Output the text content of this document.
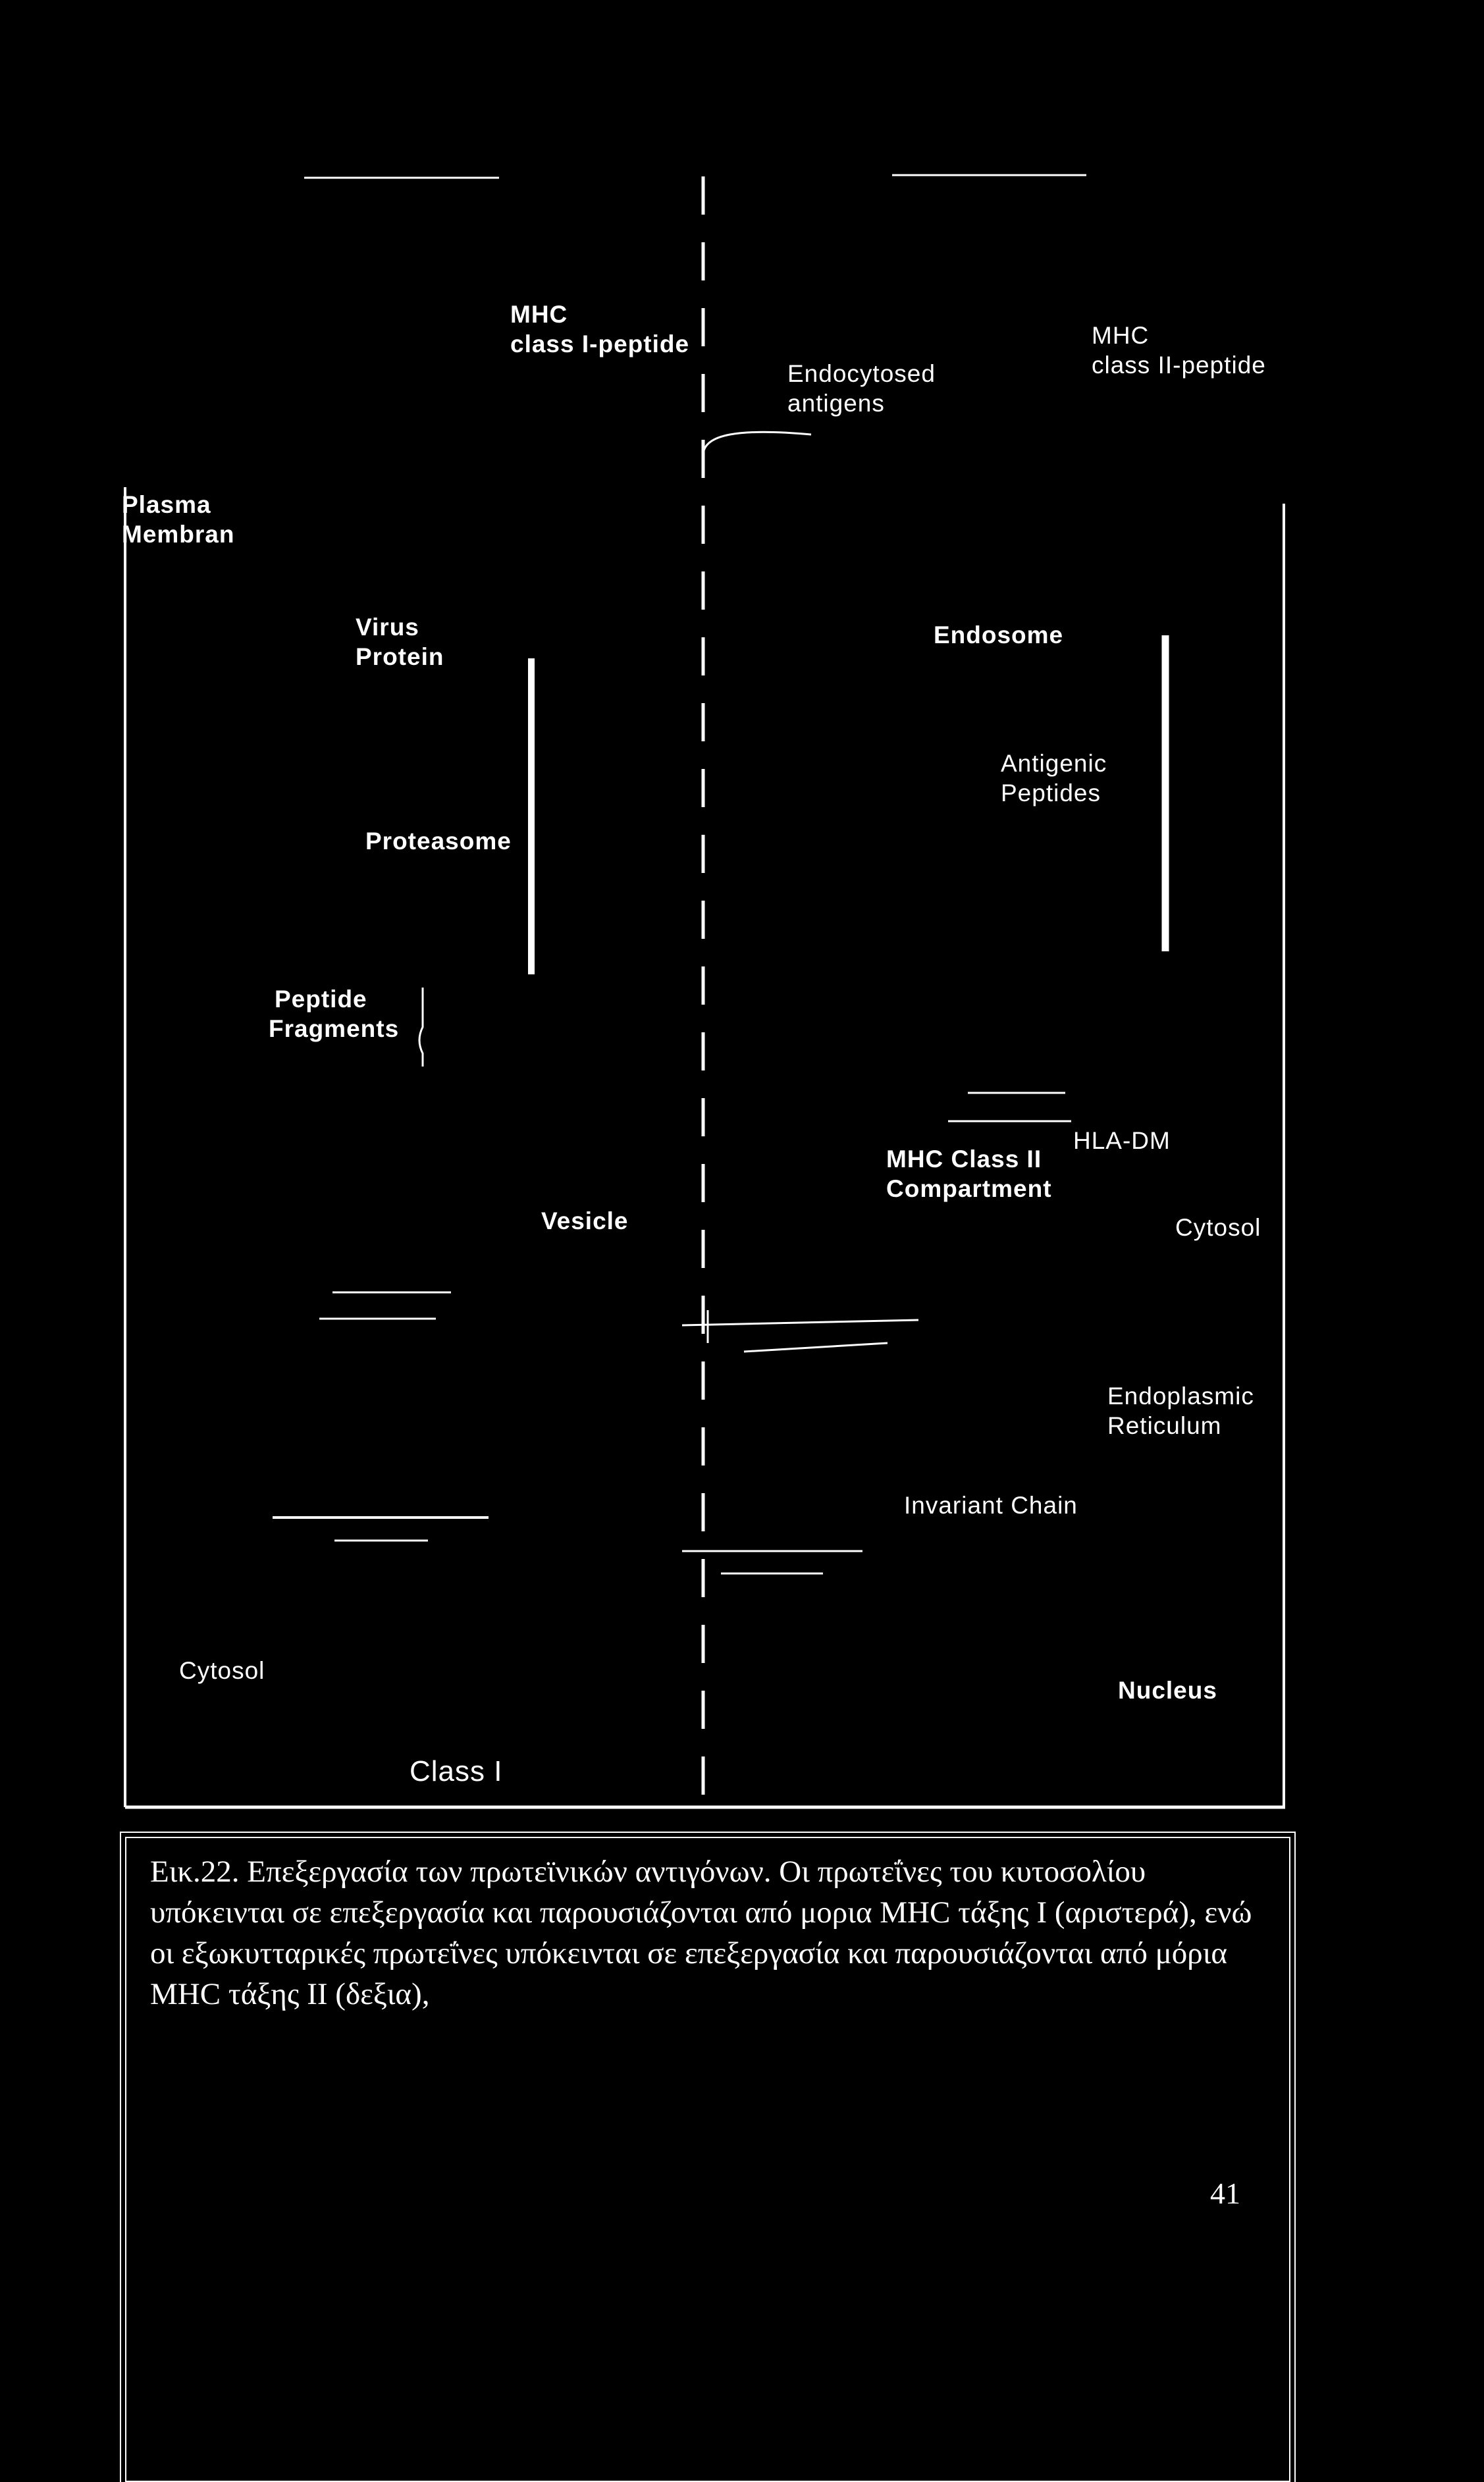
MHC
class I-peptide
Endocytosed
antigens
MHC
class II-peptide
Plasma
Membran
Virus
Protein
Endosome
Antigenic
Peptides
Proteasome
Peptide
Fragments
Vesicle
MHC Class II
Compartment
HLA-DM
Cytosol
Endoplasmic
Reticulum
Invariant Chain
Cytosol
Nucleus
Class I
Εικ.22. Επεξεργασία των πρωτεϊνικών αντιγόνων. Οι πρωτεΐνες του κυτοσολίου υπόκεινται σε επεξεργασία και παρουσιάζονται από μορια MHC τάξης I (αριστερά), ενώ οι εξωκυτταρικές πρωτεΐνες υπόκεινται σε επεξεργασία και παρουσιάζονται από μόρια MHC τάξης II (δεξια),
41
